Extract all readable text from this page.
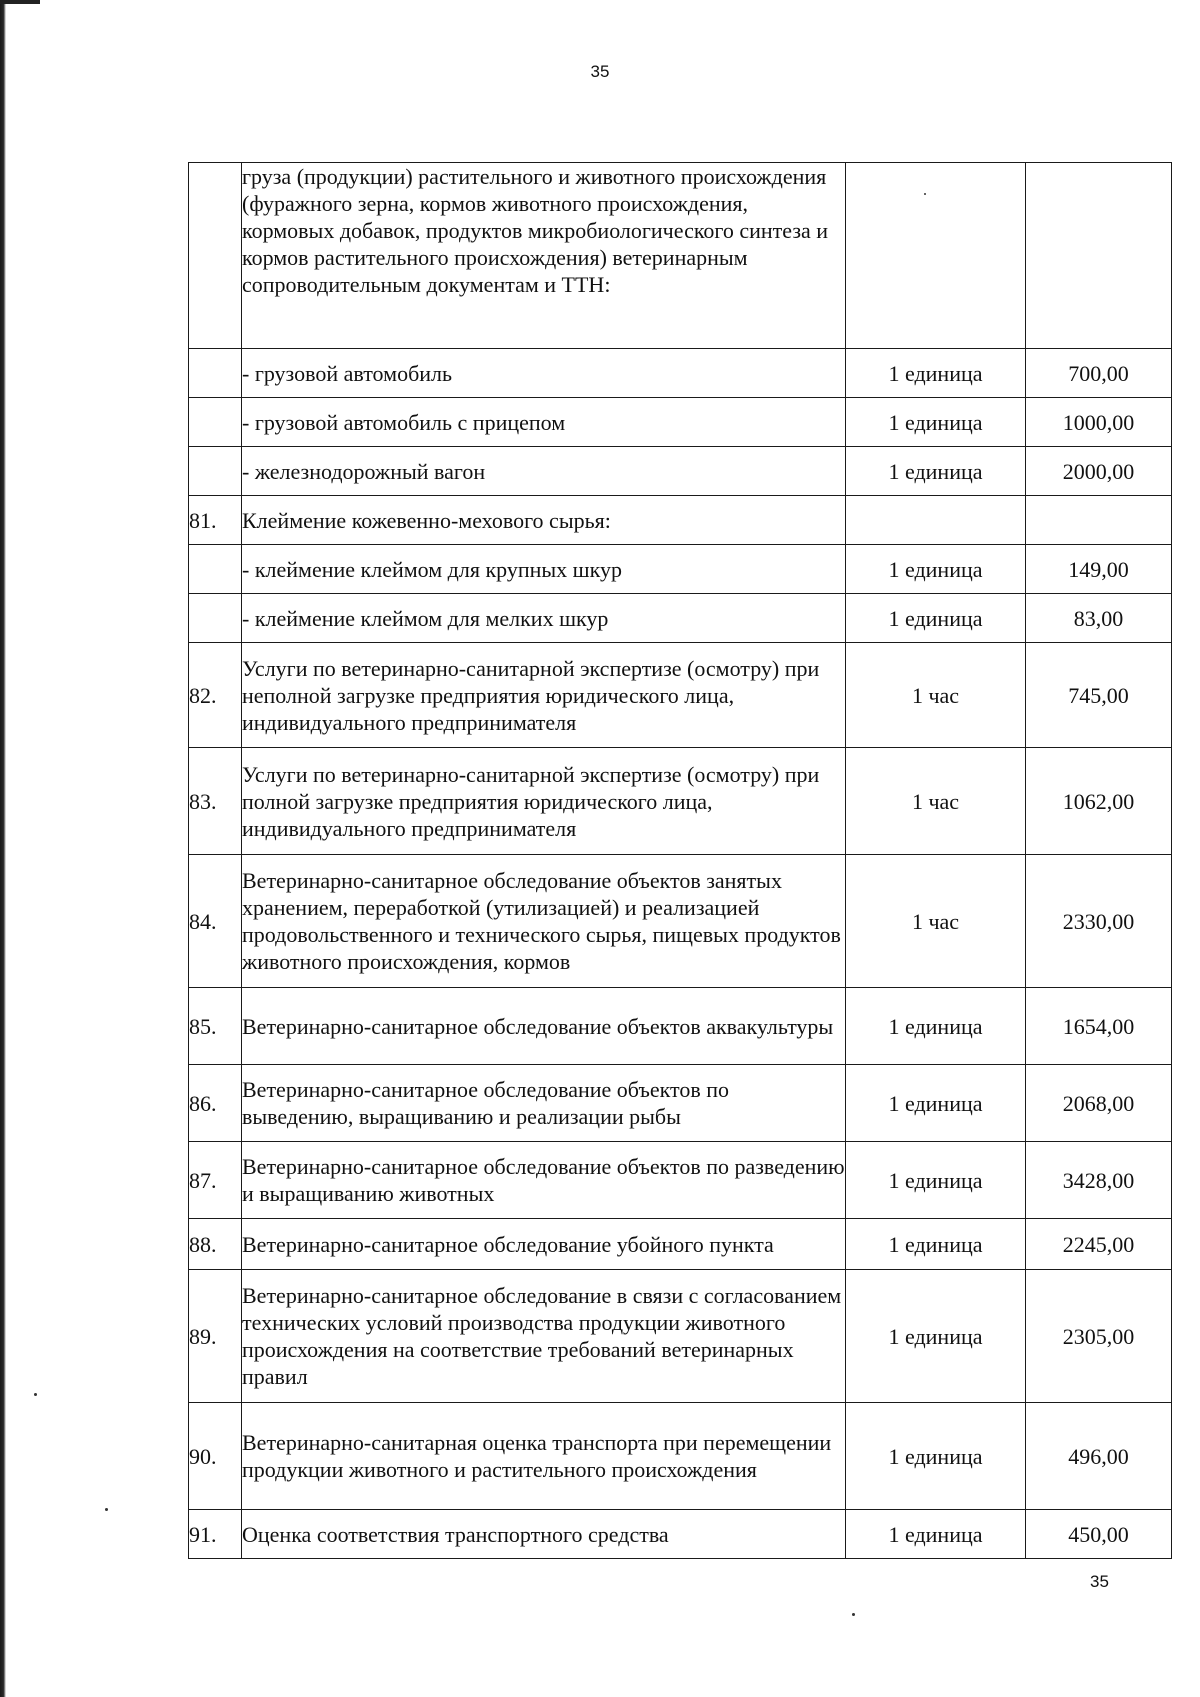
35
	груза (продукции) растительного и животного происхождения (фуражного зерна, кормов животного происхождения, кормовых добавок, продуктов микробиологического синтеза и кормов растительного происхождения) ветеринарным сопроводительным документам и ТТН:		
	- грузовой автомобиль	1 единица	700,00
	- грузовой автомобиль с прицепом	1 единица	1000,00
	- железнодорожный вагон	1 единица	2000,00
81.	Клеймение кожевенно-мехового сырья:		
	- клеймение клеймом для крупных шкур	1 единица	149,00
	- клеймение клеймом для мелких шкур	1 единица	83,00
82.	Услуги по ветеринарно-санитарной экспертизе (осмотру) при неполной загрузке предприятия юридического лица, индивидуального предпринимателя	1 час	745,00
83.	Услуги по ветеринарно-санитарной экспертизе (осмотру) при полной загрузке предприятия юридического лица, индивидуального предпринимателя	1 час	1062,00
84.	Ветеринарно-санитарное обследование объектов занятых хранением, переработкой (утилизацией) и реализацией продовольственного и технического сырья, пищевых продуктов животного происхождения, кормов	1 час	2330,00
85.	Ветеринарно-санитарное обследование объектов аквакультуры	1 единица	1654,00
86.	Ветеринарно-санитарное обследование объектов по выведению, выращиванию и реализации рыбы	1 единица	2068,00
87.	Ветеринарно-санитарное обследование объектов по разведению и выращиванию животных	1 единица	3428,00
88.	Ветеринарно-санитарное обследование убойного пункта	1 единица	2245,00
89.	Ветеринарно-санитарное обследование в связи с согласованием технических условий производства продукции животного происхождения на соответствие требований ветеринарных правил	1 единица	2305,00
90.	Ветеринарно-санитарная оценка транспорта при перемещении продукции животного и растительного происхождения	1 единица	496,00
91.	Оценка соответствия транспортного средства	1 единица	450,00
35
